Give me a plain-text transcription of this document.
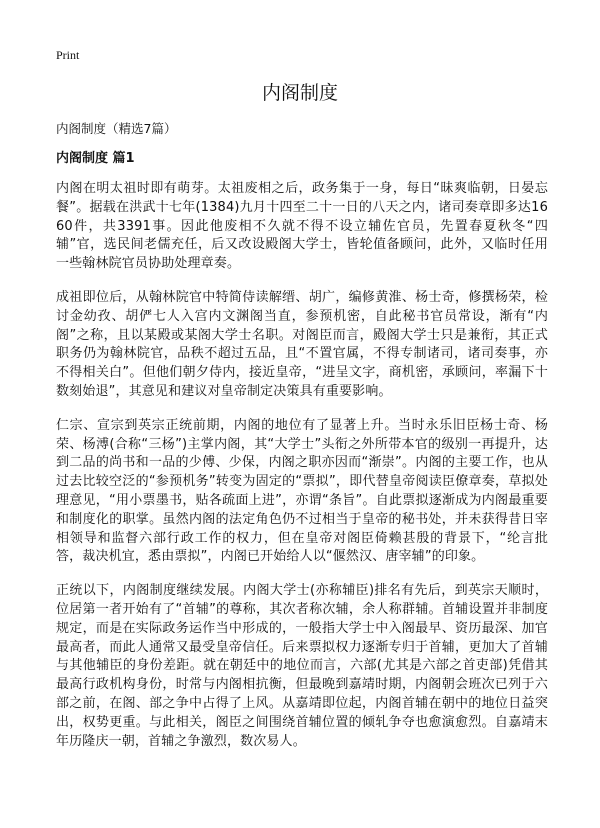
Print
内阁制度
内阁制度（精选7篇）
内阁制度 篇1

内阁在明太祖时即有萌芽。太祖废相之后，政务集于一身，每日“昧爽临朝，日晏忘餐”。据载在洪武十七年(1384)九月十四至二十一日的八天之内，诸司奏章即多达1660件，共3391事。因此他废相不久就不得不设立辅佐官员，先置春夏秋冬“四辅”官，选民间老儒充任，后又改设殿阁大学士，皆轮值备顾问，此外，又临时任用一些翰林院官员协助处理章奏。

成祖即位后，从翰林院官中特简侍读解缙、胡广，编修黄淮、杨士奇，修撰杨荣，检讨金幼孜、胡俨七人入宫内文渊阁当直，参预机密，自此秘书官员常设，渐有“内阁”之称，且以某殿或某阁大学士名职。对阁臣而言，殿阁大学士只是兼衔，其正式职务仍为翰林院官，品秩不超过五品，且“不置官属，不得专制诸司，诸司奏事，亦不得相关白”。但他们朝夕侍内，接近皇帝，“进呈文字，商机密，承顾问，率漏下十数刻始退”，其意见和建议对皇帝制定决策具有重要影响。

仁宗、宣宗到英宗正统前期，内阁的地位有了显著上升。当时永乐旧臣杨士奇、杨荣、杨溥(合称“三杨”)主掌内阁，其“大学士”头衔之外所带本官的级别一再提升，达到二品的尚书和一品的少傅、少保，内阁之职亦因而“渐崇”。内阁的主要工作，也从过去比较空泛的“参预机务”转变为固定的“票拟”，即代替皇帝阅读臣僚章奏，草拟处理意见，“用小票墨书，贴各疏面上进”，亦谓“条旨”。自此票拟逐渐成为内阁最重要和制度化的职掌。虽然内阁的法定角色仍不过相当于皇帝的秘书处，并未获得昔日宰相领导和监督六部行政工作的权力，但在皇帝对阁臣倚赖甚殷的背景下，“纶言批答，裁决机宜，悉由票拟”，内阁已开始给人以“偃然汉、唐宰辅”的印象。

正统以下，内阁制度继续发展。内阁大学士(亦称辅臣)排名有先后，到英宗天顺时，位居第一者开始有了“首辅”的尊称，其次者称次辅，余人称群辅。首辅设置并非制度规定，而是在实际政务运作当中形成的，一般指大学士中入阁最早、资历最深、加官最高者，而此人通常又最受皇帝信任。后来票拟权力逐渐专归于首辅，更加大了首辅与其他辅臣的身份差距。就在朝廷中的地位而言，六部(尤其是六部之首吏部)凭借其最高行政机构身份，时常与内阁相抗衡，但最晚到嘉靖时期，内阁朝会班次已列于六部之前，在阁、部之争中占得了上风。从嘉靖即位起，内阁首辅在朝中的地位日益突出，权势更重。与此相关，阁臣之间围绕首辅位置的倾轧争夺也愈演愈烈。自嘉靖末年历隆庆一朝，首辅之争激烈，数次易人。
